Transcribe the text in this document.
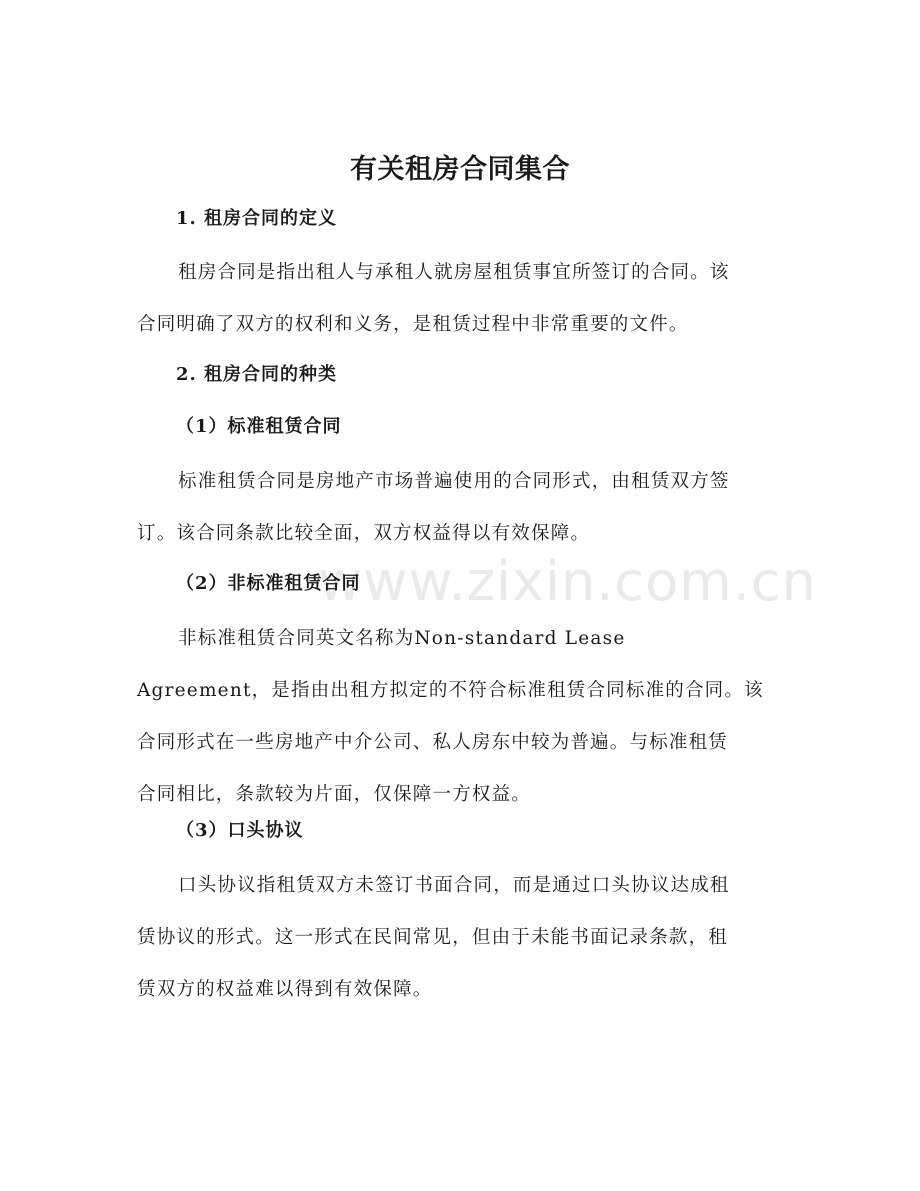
www.zixin.com.cn
有关租房合同集合
1. 租房合同的定义
租房合同是指出租人与承租人就房屋租赁事宜所签订的合同。该
合同明确了双方的权利和义务，是租赁过程中非常重要的文件。
2. 租房合同的种类
（1）标准租赁合同
标准租赁合同是房地产市场普遍使用的合同形式，由租赁双方签
订。该合同条款比较全面，双方权益得以有效保障。
（2）非标准租赁合同
非标准租赁合同英文名称为Non-standard Lease
Agreement，是指由出租方拟定的不符合标准租赁合同标准的合同。该
合同形式在一些房地产中介公司、私人房东中较为普遍。与标准租赁
合同相比，条款较为片面，仅保障一方权益。
（3）口头协议
口头协议指租赁双方未签订书面合同，而是通过口头协议达成租
赁协议的形式。这一形式在民间常见，但由于未能书面记录条款，租
赁双方的权益难以得到有效保障。
